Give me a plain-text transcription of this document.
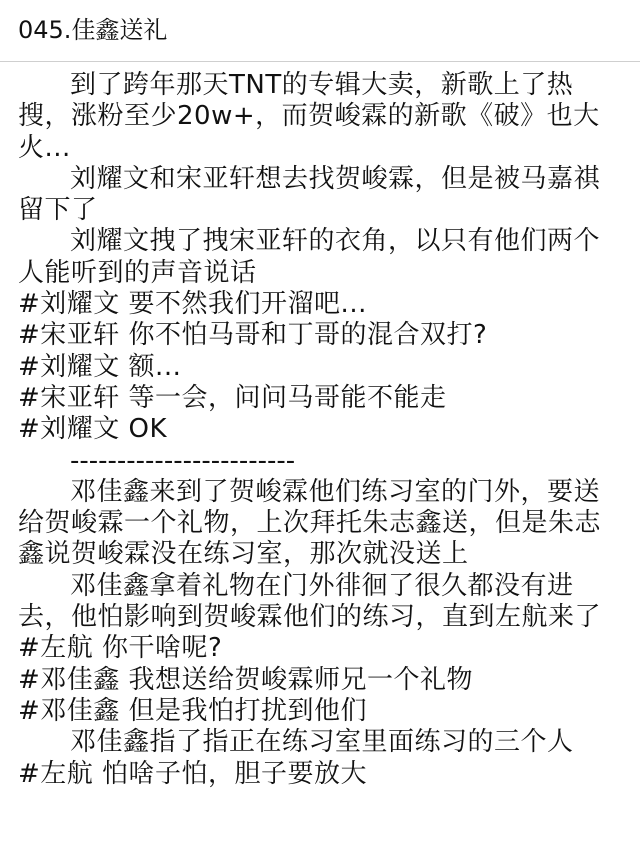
045.佳鑫送礼

到了跨年那天TNT的专辑大卖，新歌上了热搜，涨粉至少20w+，而贺峻霖的新歌《破》也大火...

刘耀文和宋亚轩想去找贺峻霖，但是被马嘉祺留下了

刘耀文拽了拽宋亚轩的衣角，以只有他们两个人能听到的声音说话

#刘耀文 要不然我们开溜吧...

#宋亚轩 你不怕马哥和丁哥的混合双打?

#刘耀文 额...

#宋亚轩 等一会，问问马哥能不能走

#刘耀文 OK

------------------------

邓佳鑫来到了贺峻霖他们练习室的门外，要送给贺峻霖一个礼物，上次拜托朱志鑫送，但是朱志鑫说贺峻霖没在练习室，那次就没送上

邓佳鑫拿着礼物在门外徘徊了很久都没有进去，他怕影响到贺峻霖他们的练习，直到左航来了

#左航 你干啥呢?

#邓佳鑫 我想送给贺峻霖师兄一个礼物

#邓佳鑫 但是我怕打扰到他们

邓佳鑫指了指正在练习室里面练习的三个人

#左航 怕啥子怕，胆子要放大
